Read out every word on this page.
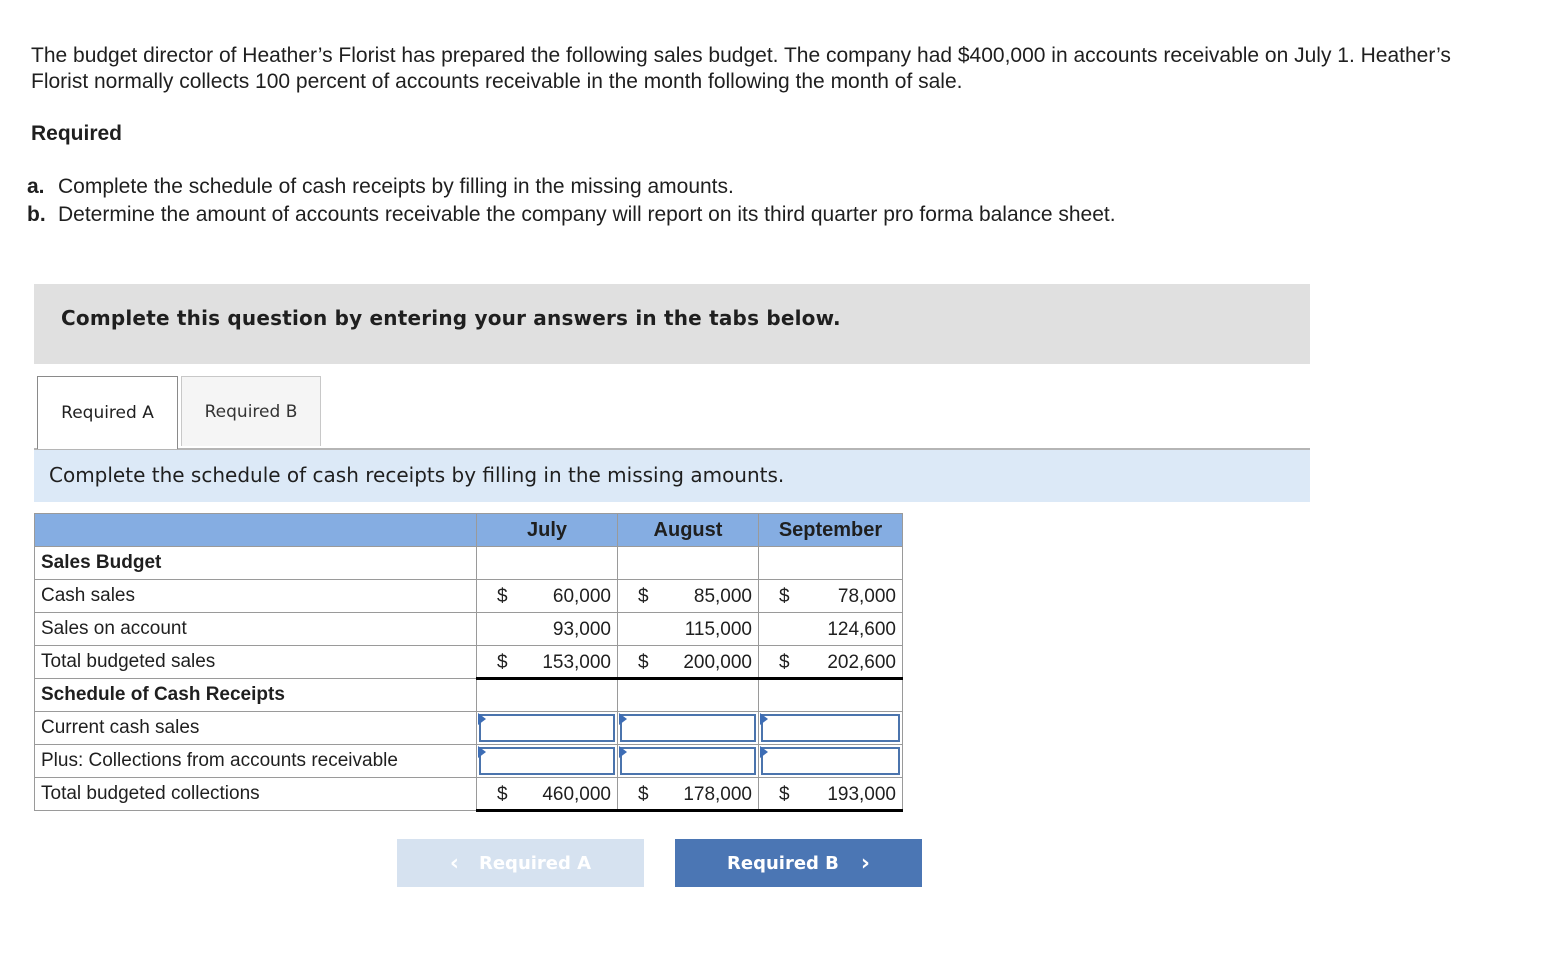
The budget director of Heather’s Florist has prepared the following sales budget. The company had $400,000 in accounts receivable on July 1. Heather’s Florist normally collects 100 percent of accounts receivable in the month following the month of sale.

Required

a. Complete the schedule of cash receipts by filling in the missing amounts.
b. Determine the amount of accounts receivable the company will report on its third quarter pro forma balance sheet.
Complete this question by entering your answers in the tabs below.
Required A	Required B
Complete the schedule of cash receipts by filling in the missing amounts.
	July	August	September
Sales Budget			
Cash sales	$ 60,000	$ 85,000	$ 78,000

Sales on account	93,000	115,000	124,600

Total budgeted sales	$ 153,000	$ 200,000	$ 202,600

Schedule of Cash Receipts			
Current cash sales	

Plus: Collections from accounts receivable	

Total budgeted collections	$ 460,000	$ 178,000	$ 193,000
‹ Required A	Required B ›
